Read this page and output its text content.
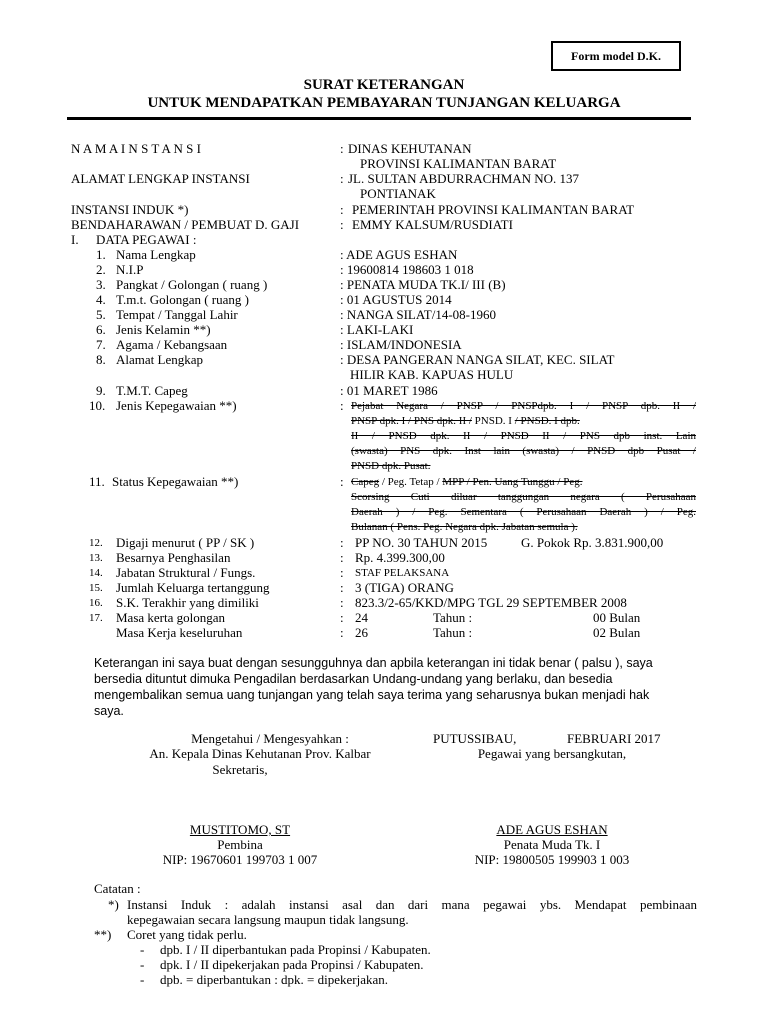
Form model D.K.
SURAT KETERANGAN
UNTUK MENDAPATKAN PEMBAYARAN TUNJANGAN KELUARGA
N A M A I N S T A N S I	: DINAS KEHUTANAN
PROVINSI KALIMANTAN BARAT
ALAMAT LENGKAP INSTANSI	: JL. SULTAN ABDURRACHMAN NO. 137
PONTIANAK
INSTANSI INDUK *)	: PEMERINTAH PROVINSI KALIMANTAN BARAT
BENDAHARAWAN / PEMBUAT D. GAJI	: EMMY KALSUM/RUSDIATI
I. DATA PEGAWAI :
1. Nama Lengkap	: ADE AGUS ESHAN
2. N.I.P	: 19600814 198603 1 018
3. Pangkat / Golongan ( ruang )	: PENATA MUDA TK.I/ III (B)
4. T.m.t. Golongan ( ruang )	: 01 AGUSTUS 2014
5. Tempat / Tanggal Lahir	: NANGA SILAT/14-08-1960
6. Jenis Kelamin **)	: LAKI-LAKI
7. Agama / Kebangsaan	: ISLAM/INDONESIA
8. Alamat Lengkap	: DESA PANGERAN NANGA SILAT, KEC. SILAT
HILIR KAB. KAPUAS HULU
9. T.M.T. Capeg	: 01 MARET 1986
10. Jenis Kepegawaian **)	: Pejabat Negara / PNSP / PNSPdpb. I / PNSP dpb. II /
PNSP dpk. I / PNS dpk. II / PNSD. I / PNSD. I dpb.
II / PNSD dpk. II / PNSD II / PNS dpb inst. Lain
(swasta) PNS dpk. Inst lain (swasta) / PNSD dpb Pusat /
PNSD dpk. Pusat.
11. Status Kepegawaian **)	: Capeg / Peg. Tetap / MPP / Pen. Uang Tunggu / Peg.
Scorsing Cuti diluar tanggungan negara ( Perusahaan
Daerah ) / Peg. Sementara ( Perusahaan Daerah ) / Peg.
Bulanan ( Pens. Peg. Negara dpk. Jabatan semula ).
12. Digaji menurut ( PP / SK )	: PP NO. 30 TAHUN 2015	G. Pokok Rp. 3.831.900,00
13. Besarnya Penghasilan	: Rp. 4.399.300,00
14. Jabatan Struktural / Fungs.	: STAF PELAKSANA
15. Jumlah Keluarga tertanggung	: 3 (TIGA) ORANG
16. S.K. Terakhir yang dimiliki	: 823.3/2-65/KKD/MPG TGL 29 SEPTEMBER 2008
17. Masa kerta golongan	: 24	Tahun :	00 Bulan
Masa Kerja keseluruhan	: 26	Tahun :	02 Bulan
Keterangan ini saya buat dengan sesungguhnya dan apbila keterangan ini tidak benar ( palsu ), saya
bersedia dituntut dimuka Pengadilan berdasarkan Undang-undang yang berlaku, dan besedia
mengembalikan semua uang tunjangan yang telah saya terima yang seharusnya bukan menjadi hak
saya.
Mengetahui / Mengesyahkan :
An. Kepala Dinas Kehutanan Prov. Kalbar
Sekretaris,
MUSTITOMO, ST
Pembina
NIP: 19670601 199703 1 007
PUTUSSIBAU,	FEBRUARI 2017
Pegawai yang bersangkutan,
ADE AGUS ESHAN
Penata Muda Tk. I
NIP: 19800505 199903 1 003
Catatan :
*) Instansi Induk : adalah instansi asal dan dari mana pegawai ybs. Mendapat pembinaan
kepegawaian secara langsung maupun tidak langsung.
**) Coret yang tidak perlu.
- dpb. I / II diperbantukan pada Propinsi / Kabupaten.
- dpk. I / II dipekerjakan pada Propinsi / Kabupaten.
- dpb. = diperbantukan : dpk. = dipekerjakan.
